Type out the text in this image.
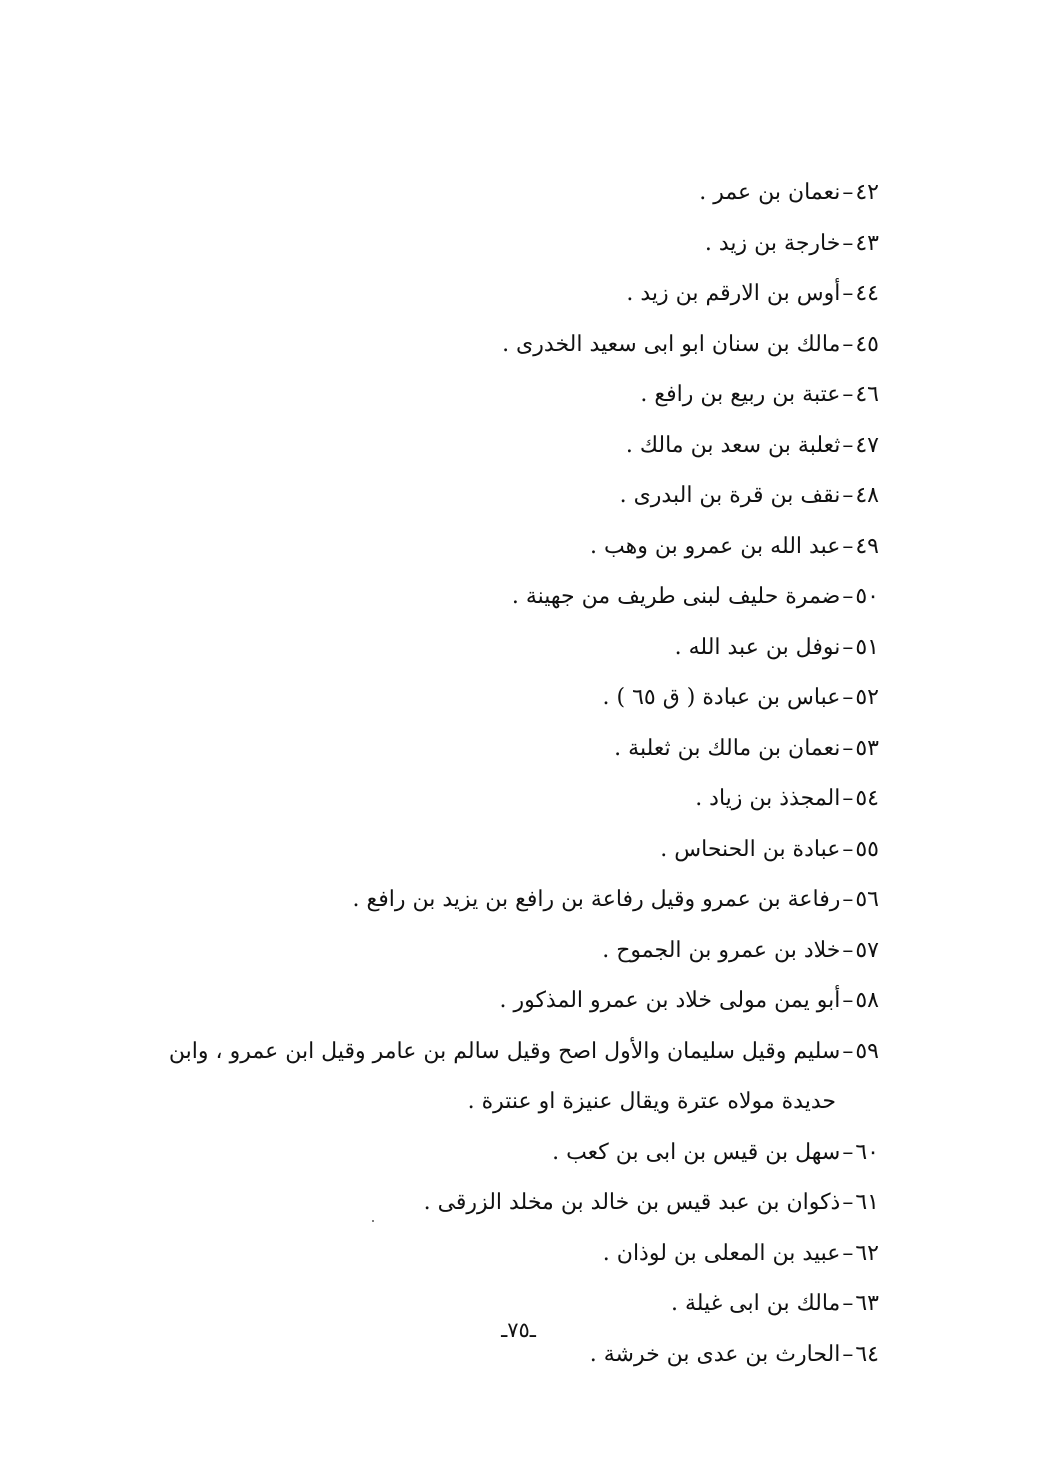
٤٢–نعمان بن عمر .
٤٣–خارجة بن زيد .
٤٤–أوس بن الارقم بن زيد .
٤٥–مالك بن سنان ابو ابى سعيد الخدرى .
٤٦–عتبة بن ربيع بن رافع .
٤٧–ثعلبة بن سعد بن مالك .
٤٨–نقف بن قرة بن البدرى .
٤٩–عبد الله بن عمرو بن وهب .
٥٠–ضمرة حليف لبنى طريف من جهينة .
٥١–نوفل بن عبد الله .
٥٢–عباس بن عبادة ( ق ٦٥ ) .
٥٣–نعمان بن مالك بن ثعلبة .
٥٤–المجذذ بن زياد .
٥٥–عبادة بن الحنحاس .
٥٦–رفاعة بن عمرو وقيل رفاعة بن رافع بن يزيد بن رافع .
٥٧–خلاد بن عمرو بن الجموح .
٥٨–أبو يمن مولى خلاد بن عمرو المذكور .
٥٩–سليم وقيل سليمان والأول اصح وقيل سالم بن عامر وقيل ابن عمرو ، وابن
حديدة مولاه عترة ويقال عنيزة او عنترة .
٦٠–سهل بن قيس بن ابى بن كعب .
٦١–ذكوان بن عبد قيس بن خالد بن مخلد الزرقى .
٦٢–عبيد بن المعلى بن لوذان .
٦٣–مالك بن ابى غيلة .
٦٤–الحارث بن عدى بن خرشة .
ـ٧٥ـ
